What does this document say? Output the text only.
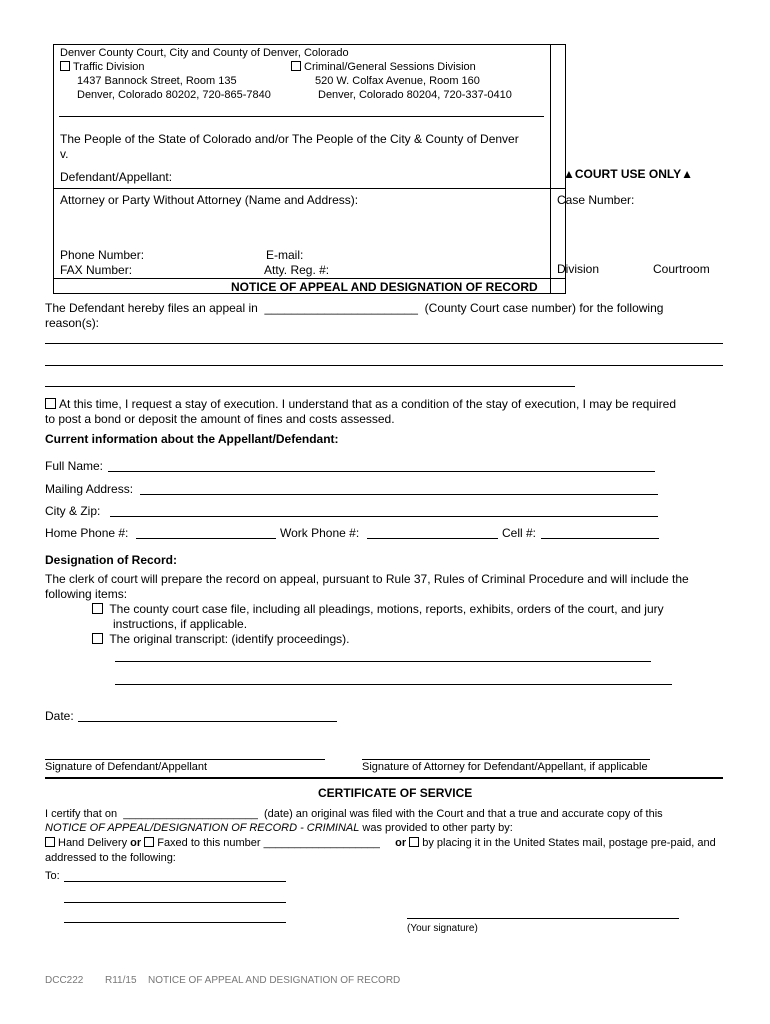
Denver County Court, City and County of Denver, Colorado
Traffic Division
1437 Bannock Street, Room 135
Denver, Colorado 80202, 720-865-7840
Criminal/General Sessions Division
520 W. Colfax Avenue, Room 160
Denver, Colorado 80204, 720-337-0410
The People of the State of Colorado and/or The People of the City & County of Denver
v.
Defendant/Appellant:	▲COURT USE ONLY▲
Attorney or Party Without Attorney (Name and Address):	Case Number:
Phone Number:	E-mail:
FAX Number:	Atty. Reg. #:	Division	Courtroom
NOTICE OF APPEAL AND DESIGNATION OF RECORD
The Defendant hereby files an appeal in _______________________ (County Court case number) for the following
reason(s):
At this time, I request a stay of execution. I understand that as a condition of the stay of execution, I may be required
to post a bond or deposit the amount of fines and costs assessed.
Current information about the Appellant/Defendant:
Full Name:
Mailing Address:
City & Zip:
Home Phone #:	Work Phone #:	Cell #:
Designation of Record:
The clerk of court will prepare the record on appeal, pursuant to Rule 37, Rules of Criminal Procedure and will include the
following items:
The county court case file, including all pleadings, motions, reports, exhibits, orders of the court, and jury
instructions, if applicable.
The original transcript: (identify proceedings).
Date:
Signature of Defendant/Appellant	Signature of Attorney for Defendant/Appellant, if applicable
CERTIFICATE OF SERVICE
I certify that on ______________________ (date) an original was filed with the Court and that a true and accurate copy of this
NOTICE OF APPEAL/DESIGNATION OF RECORD - CRIMINAL was provided to other party by:
Hand Delivery or Faxed to this number ___________________ or by placing it in the United States mail, postage pre-paid, and
addressed to the following:
To:
(Your signature)
DCC222 R11/15 NOTICE OF APPEAL AND DESIGNATION OF RECORD
